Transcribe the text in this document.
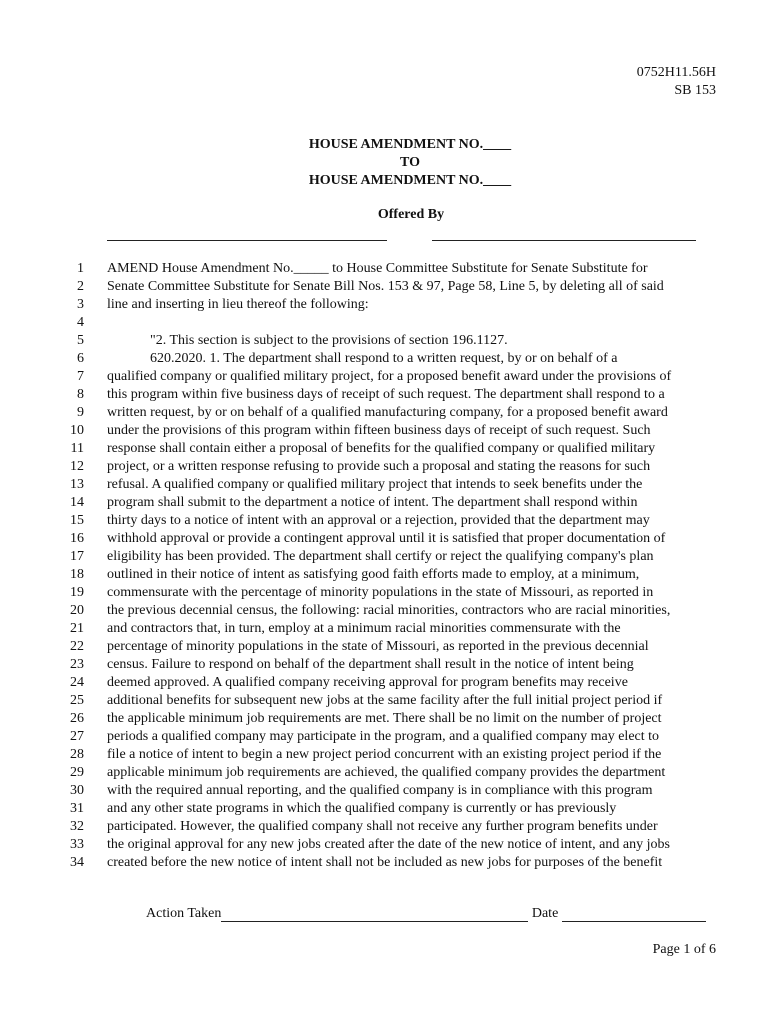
0752H11.56H
SB 153
HOUSE AMENDMENT NO.____
TO
HOUSE AMENDMENT NO.____
Offered By
1 AMEND House Amendment No._____ to House Committee Substitute for Senate Substitute for
2 Senate Committee Substitute for Senate Bill Nos. 153 & 97, Page 58, Line 5, by deleting all of said
3 line and inserting in lieu thereof the following:
4
5	"2. This section is subject to the provisions of section 196.1127.
6	620.2020. 1. The department shall respond to a written request, by or on behalf of a
7 qualified company or qualified military project, for a proposed benefit award under the provisions of
8 this program within five business days of receipt of such request. The department shall respond to a
9 written request, by or on behalf of a qualified manufacturing company, for a proposed benefit award
10 under the provisions of this program within fifteen business days of receipt of such request. Such
11 response shall contain either a proposal of benefits for the qualified company or qualified military
12 project, or a written response refusing to provide such a proposal and stating the reasons for such
13 refusal. A qualified company or qualified military project that intends to seek benefits under the
14 program shall submit to the department a notice of intent. The department shall respond within
15 thirty days to a notice of intent with an approval or a rejection, provided that the department may
16 withhold approval or provide a contingent approval until it is satisfied that proper documentation of
17 eligibility has been provided. The department shall certify or reject the qualifying company's plan
18 outlined in their notice of intent as satisfying good faith efforts made to employ, at a minimum,
19 commensurate with the percentage of minority populations in the state of Missouri, as reported in
20 the previous decennial census, the following: racial minorities, contractors who are racial minorities,
21 and contractors that, in turn, employ at a minimum racial minorities commensurate with the
22 percentage of minority populations in the state of Missouri, as reported in the previous decennial
23 census. Failure to respond on behalf of the department shall result in the notice of intent being
24 deemed approved. A qualified company receiving approval for program benefits may receive
25 additional benefits for subsequent new jobs at the same facility after the full initial project period if
26 the applicable minimum job requirements are met. There shall be no limit on the number of project
27 periods a qualified company may participate in the program, and a qualified company may elect to
28 file a notice of intent to begin a new project period concurrent with an existing project period if the
29 applicable minimum job requirements are achieved, the qualified company provides the department
30 with the required annual reporting, and the qualified company is in compliance with this program
31 and any other state programs in which the qualified company is currently or has previously
32 participated. However, the qualified company shall not receive any further program benefits under
33 the original approval for any new jobs created after the date of the new notice of intent, and any jobs
34 created before the new notice of intent shall not be included as new jobs for purposes of the benefit
Action Taken	Date
Page 1 of 6
